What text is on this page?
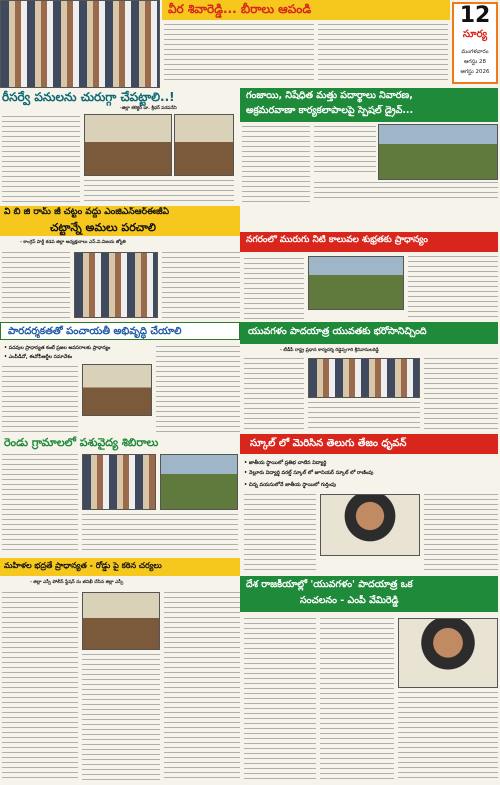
12
సూర్య
మంగళవారం
ఆగస్టు 28
ఆగస్టు 2026
వీర శివారెడ్డి... బీరాలు ఆపండి
రీసర్వే పనులను చురుగ్గా చేపట్టాలి..!
-జిల్లా కలెక్టర్ డా. శ్రీధర్ పరపనేని
గంజాయి, నిషేధిత మత్తు పదార్థాలు నివారణ,
అక్రమరవాణా కార్యకలాపాలపై స్పెషల్ డ్రైవ్...
వి బి జి రామ్ జీ చట్టం వద్దు ఎంజిఎన్ఆర్ఈజీఏ
చట్టాన్నే అమలు పరచాలి
- కాంగ్రెస్ పార్టీ కడప జిల్లా అధ్యక్షురాలు ఎస్.వి.విజయ జ్యోతి	నగరంలో మురుగు నీటి కాలువల శుభ్రతకు ప్రాధాన్యం
పారదర్శకతతో పంచాయతీ అభివృద్ధి చేయాలి
• పదవుల ప్రాధాన్యత కంటే ప్రజల అవసరాలకు ప్రాధాన్యం
• ఎంపీడీవో, ఈవోపీఆర్డీల సమావేశం
యువగళం పాదయాత్ర యువతకు భరోసానిచ్చింది
- టీడీపీ రాష్ట్ర ప్రధాన కార్యదర్శి రెడ్డెప్పగారి శ్రీనివాసులరెడ్డి
స్కూల్ లో మెరిసిన తెలుగు తేజం ధృవన్
• జాతీయ స్థాయిలో ప్రతిభ చాటిన విద్యార్థి
• నెల్లూరు విద్యార్థి వరల్డ్ స్కూల్ లో జూనియర్ స్కూల్ లో రాణింపు
• చిన్న వయసులోనే జాతీయ స్థాయిలో గుర్తింపు
రెండు గ్రామాలలో పశువైద్య శిబిరాలు
మహిళల భద్రతే ప్రాధాన్యత - రోడ్డు పై కఠిన చర్యలు
- జిల్లా ఎస్పీ పోలీస్ స్టేషన్ ను తనిఖీ చేసిన జిల్లా ఎస్పీ	దేశ రాజకీయాల్లో 'యువగళం' పాదయాత్ర ఒక
సంచలనం - ఎంపీ వేమిరెడ్డి
